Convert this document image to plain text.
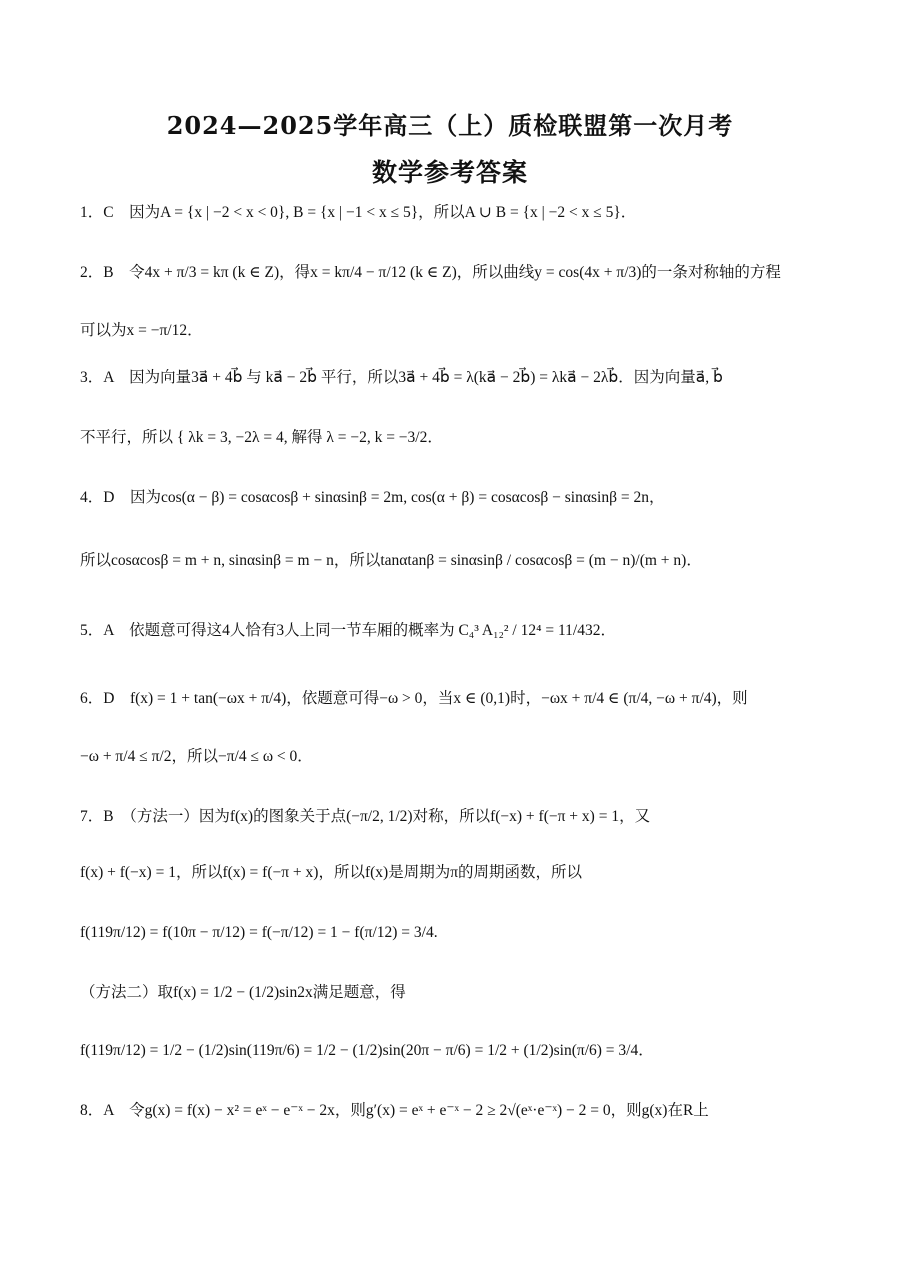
2024—2025学年高三（上）质检联盟第一次月考
数学参考答案
1．C　因为A = {x | −2 < x < 0}, B = {x | −1 < x ≤ 5}，所以A ∪ B = {x | −2 < x ≤ 5}．
2．B　令4x + π/3 = kπ (k ∈ Z)，得x = kπ/4 − π/12 (k ∈ Z)，所以曲线y = cos(4x + π/3)的一条对称轴的方程
可以为x = −π/12．
3．A　因为向量3a⃗ + 4b⃗ 与 ka⃗ − 2b⃗ 平行，所以3a⃗ + 4b⃗ = λ(ka⃗ − 2b⃗) = λka⃗ − 2λb⃗．因为向量a⃗, b⃗
不平行，所以 { λk = 3, −2λ = 4, 解得 λ = −2, k = −3/2．
4．D　因为cos(α − β) = cosαcosβ + sinαsinβ = 2m, cos(α + β) = cosαcosβ − sinαsinβ = 2n，
所以cosαcosβ = m + n, sinαsinβ = m − n，所以tanαtanβ = sinαsinβ / cosαcosβ = (m − n)/(m + n)．
5．A　依题意可得这4人恰有3人上同一节车厢的概率为 C₄³ A₁₂² / 12⁴ = 11/432．
6．D　f(x) = 1 + tan(−ωx + π/4)，依题意可得−ω > 0，当x ∈ (0,1)时，−ωx + π/4 ∈ (π/4, −ω + π/4)，则
−ω + π/4 ≤ π/2，所以−π/4 ≤ ω < 0．
7．B　（方法一）因为f(x)的图象关于点(−π/2, 1/2)对称，所以f(−x) + f(−π + x) = 1，又
f(x) + f(−x) = 1，所以f(x) = f(−π + x)，所以f(x)是周期为π的周期函数，所以
f(119π/12) = f(10π − π/12) = f(−π/12) = 1 − f(π/12) = 3/4.
（方法二）取f(x) = 1/2 − (1/2)sin2x满足题意，得
f(119π/12) = 1/2 − (1/2)sin(119π/6) = 1/2 − (1/2)sin(20π − π/6) = 1/2 + (1/2)sin(π/6) = 3/4．
8．A　令g(x) = f(x) − x² = eˣ − e⁻ˣ − 2x，则g′(x) = eˣ + e⁻ˣ − 2 ≥ 2√(eˣ·e⁻ˣ) − 2 = 0，则g(x)在R上
